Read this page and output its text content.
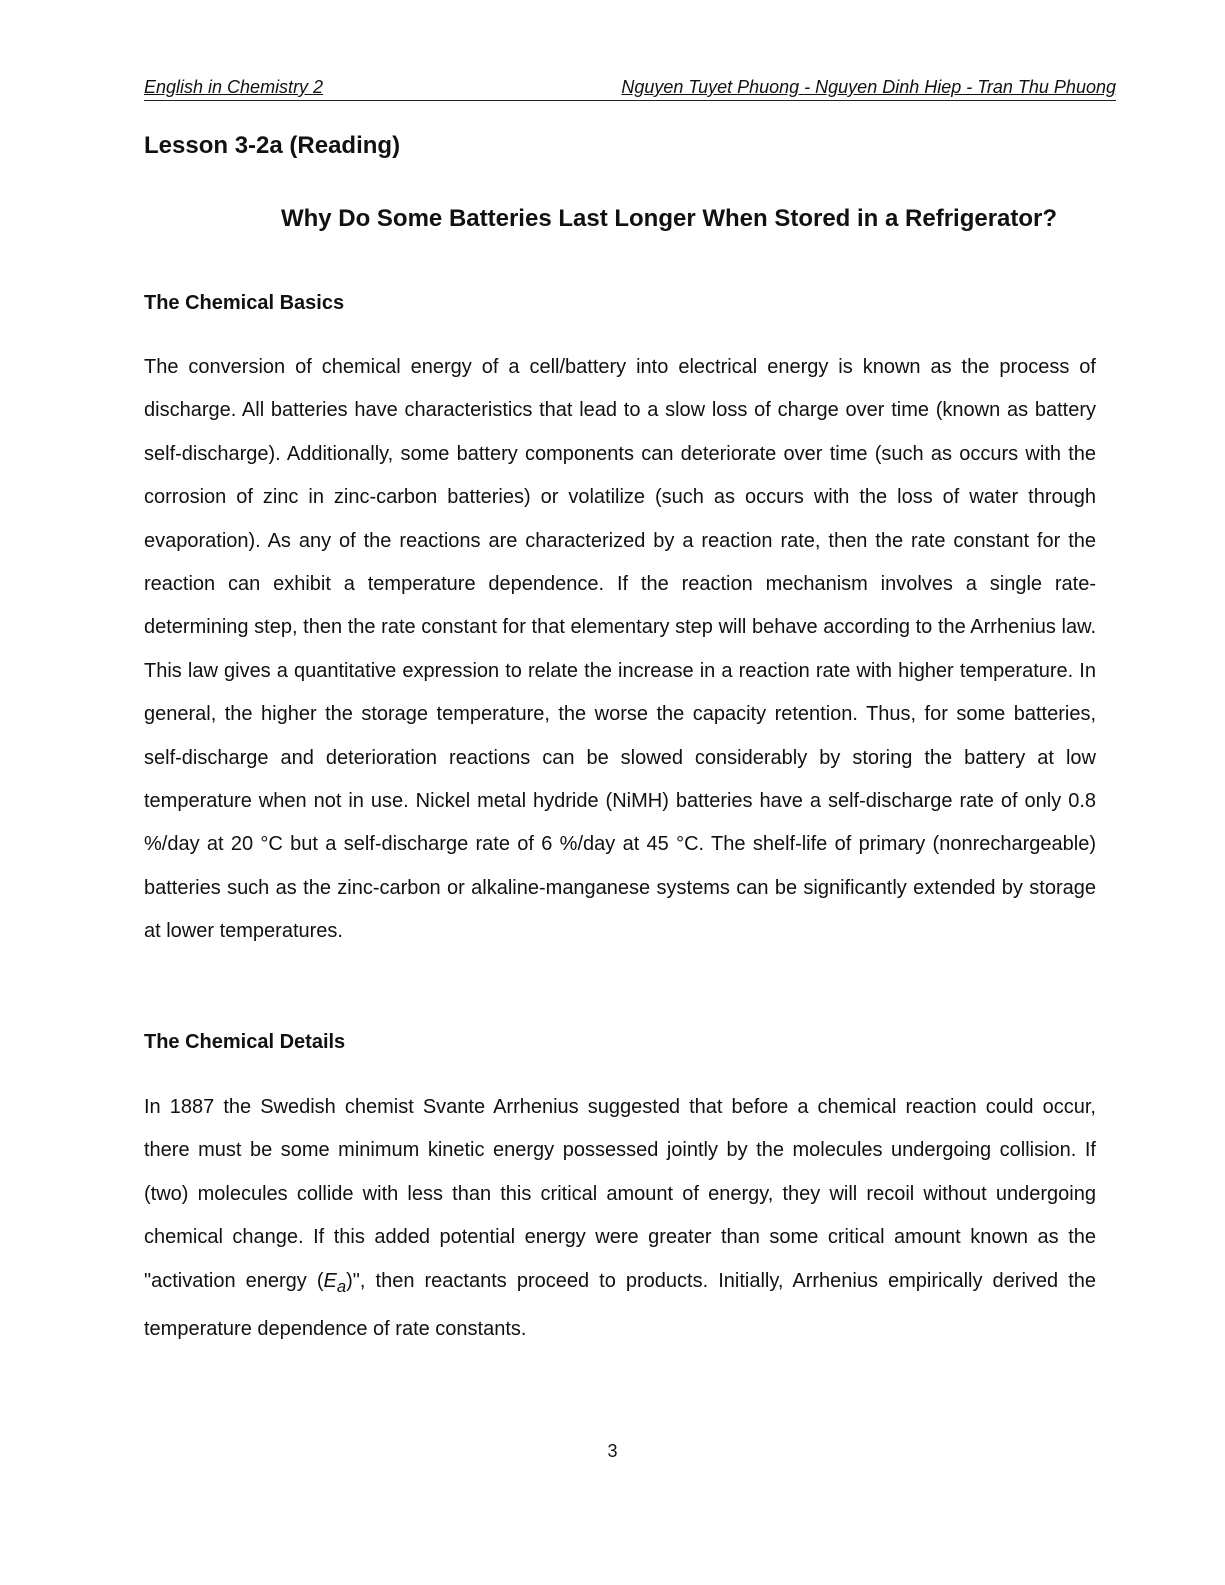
English in Chemistry 2	Nguyen Tuyet Phuong - Nguyen Dinh Hiep - Tran Thu Phuong
Lesson 3-2a (Reading)
Why Do Some Batteries Last Longer When Stored in a Refrigerator?
The Chemical Basics

The conversion of chemical energy of a cell/battery into electrical energy is known as the process of discharge. All batteries have characteristics that lead to a slow loss of charge over time (known as battery self-discharge). Additionally, some battery components can deteriorate over time (such as occurs with the corrosion of zinc in zinc-carbon batteries) or volatilize (such as occurs with the loss of water through evaporation). As any of the reactions are characterized by a reaction rate, then the rate constant for the reaction can exhibit a temperature dependence. If the reaction mechanism involves a single rate-determining step, then the rate constant for that elementary step will behave according to the Arrhenius law. This law gives a quantitative expression to relate the increase in a reaction rate with higher temperature. In general, the higher the storage temperature, the worse the capacity retention. Thus, for some batteries, self-discharge and deterioration reactions can be slowed considerably by storing the battery at low temperature when not in use. Nickel metal hydride (NiMH) batteries have a self-discharge rate of only 0.8 %/day at 20 °C but a self-discharge rate of 6 %/day at 45 °C. The shelf-life of primary (nonrechargeable) batteries such as the zinc-carbon or alkaline-manganese systems can be significantly extended by storage at lower temperatures.

The Chemical Details

In 1887 the Swedish chemist Svante Arrhenius suggested that before a chemical reaction could occur, there must be some minimum kinetic energy possessed jointly by the molecules undergoing collision. If (two) molecules collide with less than this critical amount of energy, they will recoil without undergoing chemical change. If this added potential energy were greater than some critical amount known as the "activation energy $(E_a)$", then reactants proceed to products. Initially, Arrhenius empirically derived the temperature dependence of rate constants.

3
